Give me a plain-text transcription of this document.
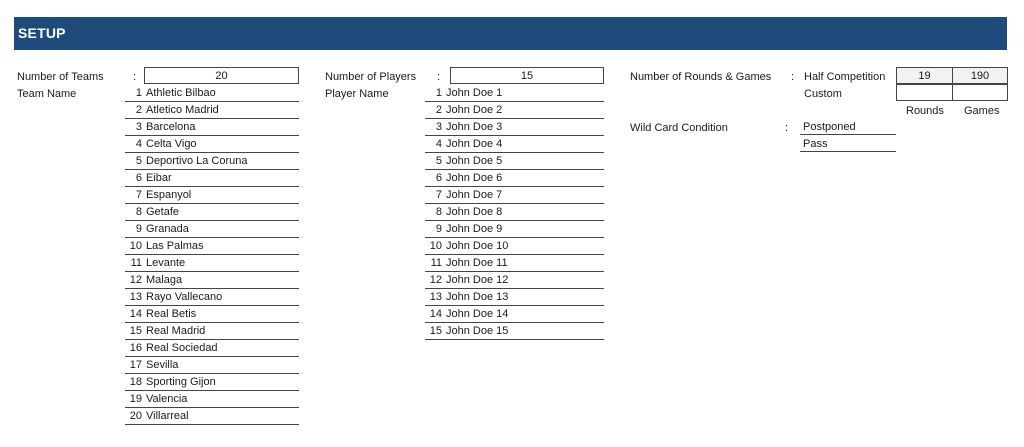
SETUP
Number of Teams	:	20
Team Name	1 Athletic Bilbao
2 Atletico Madrid
3 Barcelona
4 Celta Vigo
5 Deportivo La Coruna
6 Eibar
7 Espanyol
8 Getafe
9 Granada
10 Las Palmas
11 Levante
12 Malaga
13 Rayo Vallecano
14 Real Betis
15 Real Madrid
16 Real Sociedad
17 Sevilla
18 Sporting Gijon
19 Valencia
20 Villarreal
Number of Players :	15
Player Name	1 John Doe 1
2 John Doe 2
3 John Doe 3
4 John Doe 4
5 John Doe 5
6 John Doe 6
7 John Doe 7
8 John Doe 8
9 John Doe 9
10 John Doe 10
11 John Doe 11
12 John Doe 12
13 John Doe 13
14 John Doe 14
15 John Doe 15
Number of Rounds & Games : Half Competition	19	190
Custom
Rounds Games
Wild Card Condition	: Postponed
Pass
